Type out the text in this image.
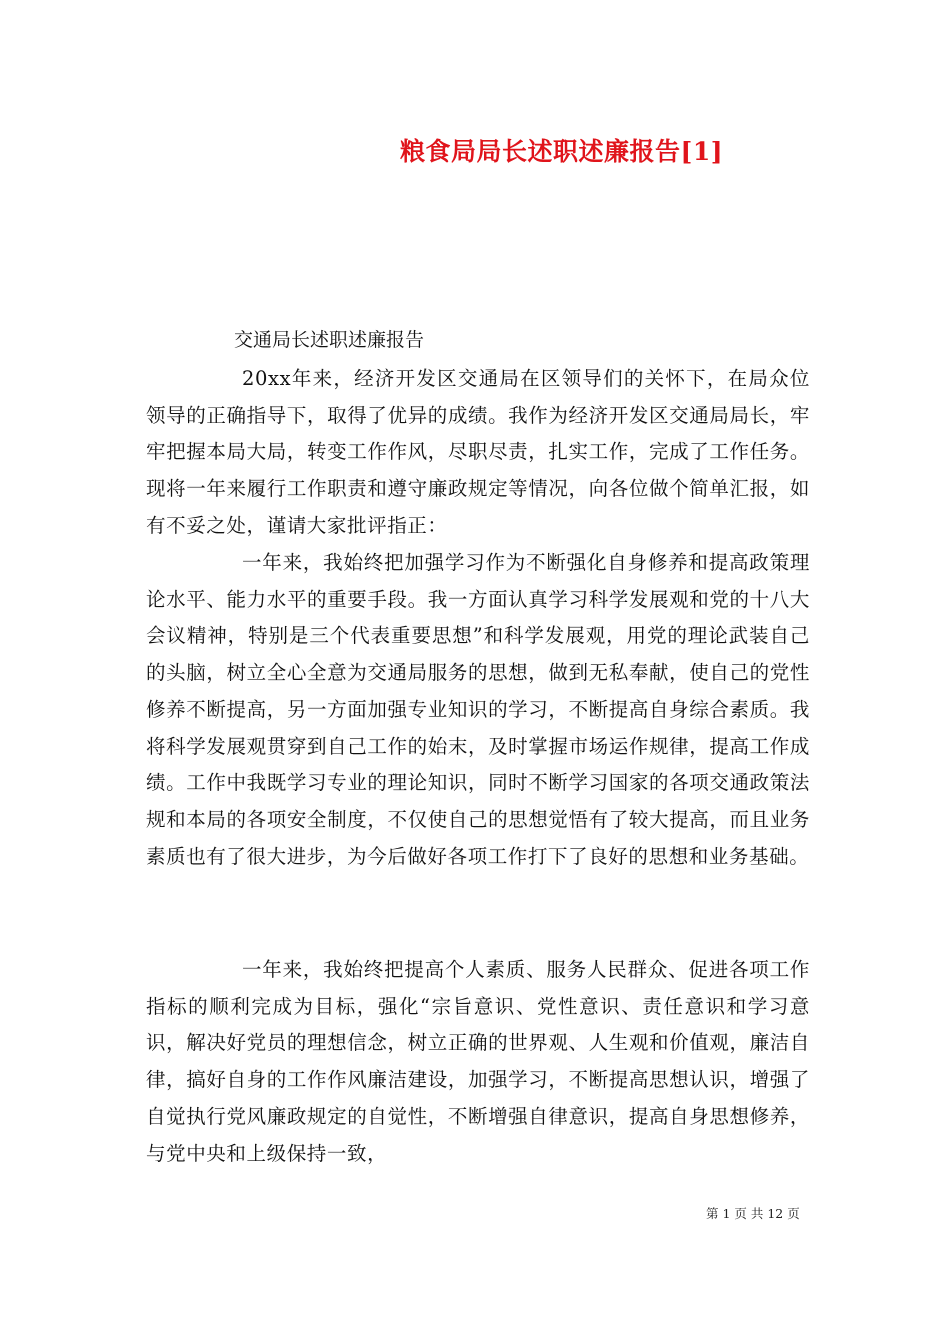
粮食局局长述职述廉报告[1]
交通局长述职述廉报告

20xx年来，经济开发区交通局在区领导们的关怀下，在局众位领导的正确指导下，取得了优异的成绩。我作为经济开发区交通局局长，牢牢把握本局大局，转变工作作风，尽职尽责，扎实工作，完成了工作任务。现将一年来履行工作职责和遵守廉政规定等情况，向各位做个简单汇报，如有不妥之处，谨请大家批评指正：

一年来，我始终把加强学习作为不断强化自身修养和提高政策理论水平、能力水平的重要手段。我一方面认真学习科学发展观和党的十八大会议精神，特别是三个代表重要思想”和科学发展观，用党的理论武装自己的头脑，树立全心全意为交通局服务的思想，做到无私奉献，使自己的党性修养不断提高，另一方面加强专业知识的学习，不断提高自身综合素质。我将科学发展观贯穿到自己工作的始末，及时掌握市场运作规律，提高工作成绩。工作中我既学习专业的理论知识，同时不断学习国家的各项交通政策法规和本局的各项安全制度，不仅使自己的思想觉悟有了较大提高，而且业务素质也有了很大进步，为今后做好各项工作打下了良好的思想和业务基础。

一年来，我始终把提高个人素质、服务人民群众、促进各项工作指标的顺利完成为目标，强化“宗旨意识、党性意识、责任意识和学习意识，解决好党员的理想信念，树立正确的世界观、人生观和价值观，廉洁自律，搞好自身的工作作风廉洁建设，加强学习，不断提高思想认识，增强了自觉执行党风廉政规定的自觉性，不断增强自律意识，提高自身思想修养，与党中央和上级保持一致，

第 1 页 共 12 页
